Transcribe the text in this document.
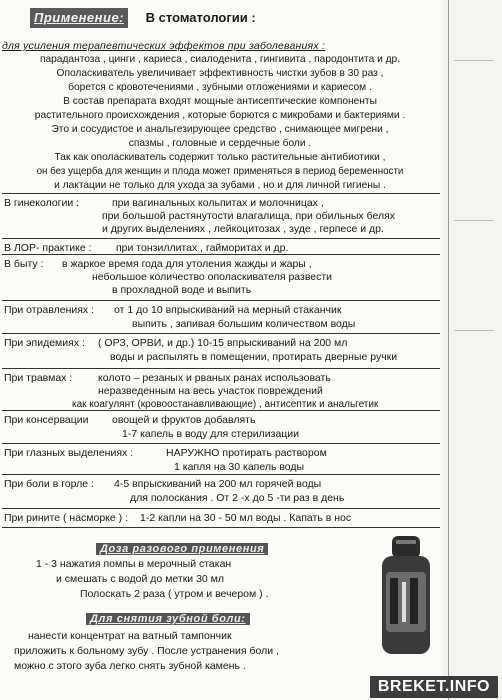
Применение: В стоматологии :
для усиления терапевтических эффектов при заболеваниях :
парадантоза , цинги , кариеса , сиалоденита , гингивита , пародонтита и др.
Ополаскиватель увеличивает эффективность чистки зубов в 30 раз ,
борется с кровотечениями , зубными отложениями и кариесом .
В состав препарата входят мощные антисептические компоненты
растительного происхождения , которые борются с микробами и бактериями .
Это и сосудистое и анальгезирующее средство , снимающее мигрени ,
спазмы , головные и сердечные боли .
Так как ополаскиватель содержит только растительные антибиотики ,
он без ущерба для женщин и плода может применяться в период беременности
и лактации не только для ухода за зубами , но и для личной гигиены .
В гинекологии :	при вагинальных кольпитах и молочницах ,
при большой растянутости влагалища, при обильных белях
и других выделениях , лейкоцитозах , зуде , герпесе и др.
В ЛОР- практике : при тонзиллитах , гайморитах и др.
В быту : в жаркое время года для утоления жажды и жары ,
небольшое количество ополаскивателя развести
в прохладной воде и выпить
При отравлениях : от 1 до 10 впрыскиваний на мерный стаканчик
выпить , запивая большим количеством воды
При эпидемиях : ( ОРЗ, ОРВИ, и др.) 10-15 впрыскиваний на 200 мл
воды и распылять в помещении, протирать дверные ручки
При травмах : колото – резаных и рваных ранах использовать
неразведенным на весь участок повреждений
как коагулянт (кровоостанавливающие) , антисептик и анальгетик
При консервации овощей и фруктов добавлять
1-7 капель в воду для стерилизации
При глазных выделениях :	НАРУЖНО протирать раствором
1 капля на 30 капель воды
При боли в горле : 4-5 впрыскиваний на 200 мл горячей воды
для полоскания . От 2 -х до 5 -ти раз в день
При рините ( насморке ) : 1-2 капли на 30 - 50 мл воды . Капать в нос
Доза разового применения
1 - 3 нажатия помпы в мерочный стакан
и смешать с водой до метки 30 мл
Полоскать 2 раза ( утром и вечером ) .
Для снятия зубной боли:
нанести концентрат на ватный тампончик
приложить к больному зубу . После устранения боли ,
можно с этого зуба легко снять зубной камень .
BREKET.INFO
